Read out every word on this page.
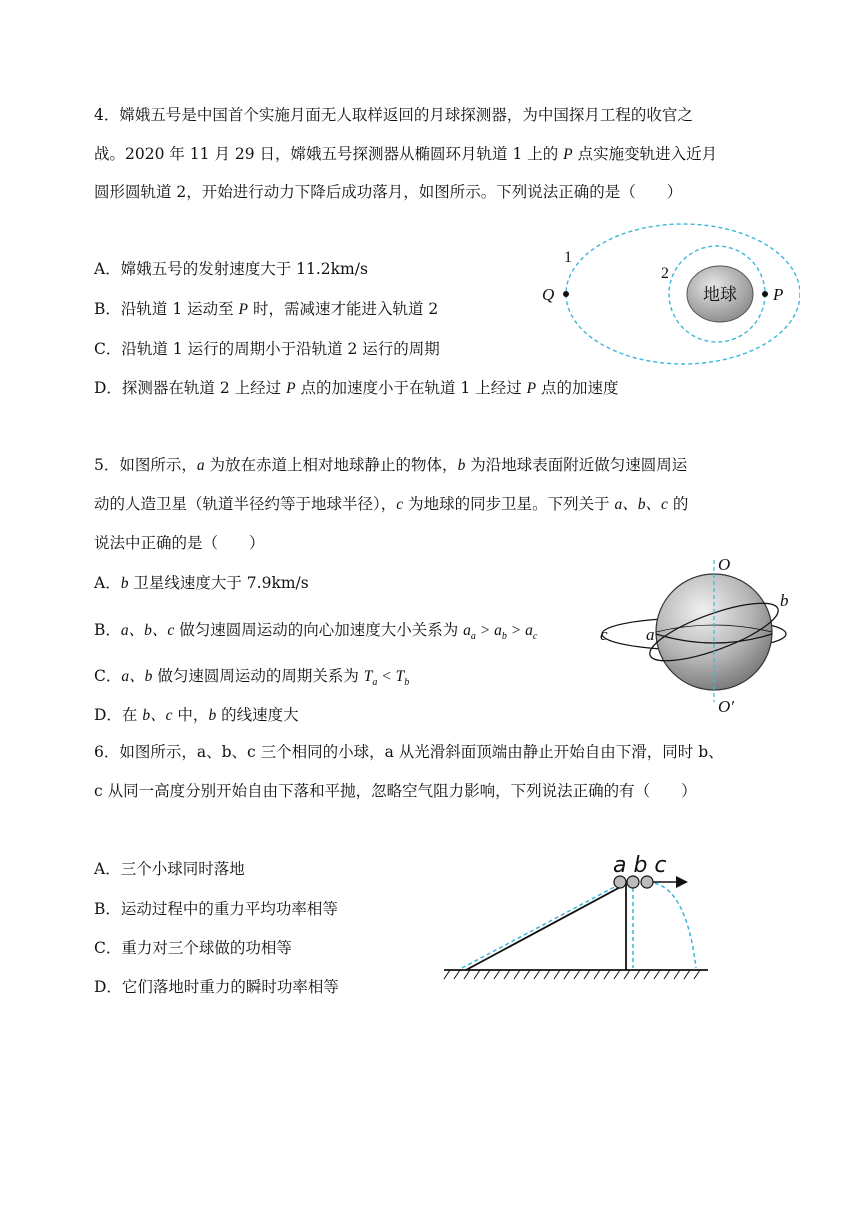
4．嫦娥五号是中国首个实施月面无人取样返回的月球探测器，为中国探月工程的收官之
战。2020 年 11 月 29 日，嫦娥五号探测器从椭圆环月轨道 1 上的 P 点实施变轨进入近月
圆形圆轨道 2，开始进行动力下降后成功落月，如图所示。下列说法正确的是（　　）
A．嫦娥五号的发射速度大于 11.2km/s
B．沿轨道 1 运动至 P 时，需减速才能进入轨道 2
C．沿轨道 1 运行的周期小于沿轨道 2 运行的周期
D．探测器在轨道 2 上经过 P 点的加速度小于在轨道 1 上经过 P 点的加速度
地球
Q	P
1
2
5．如图所示，a 为放在赤道上相对地球静止的物体，b 为沿地球表面附近做匀速圆周运
动的人造卫星（轨道半径约等于地球半径），c 为地球的同步卫星。下列关于 a、b、c 的
说法中正确的是（　　）
A．b 卫星线速度大于 7.9km/s
B．a、b、c 做匀速圆周运动的向心加速度大小关系为 $a_a > a_b > a_c$
C．a、b 做匀速圆周运动的周期关系为 $T_a < T_b$
D．在 b、c 中，b 的线速度大
O
O′
b
c a
6．如图所示，a、b、c 三个相同的小球，a 从光滑斜面顶端由静止开始自由下滑，同时 b、
c 从同一高度分别开始自由下落和平抛，忽略空气阻力影响，下列说法正确的有（　　）
A．三个小球同时落地
B．运动过程中的重力平均功率相等
C．重力对三个球做的功相等
D．它们落地时重力的瞬时功率相等
a b c
